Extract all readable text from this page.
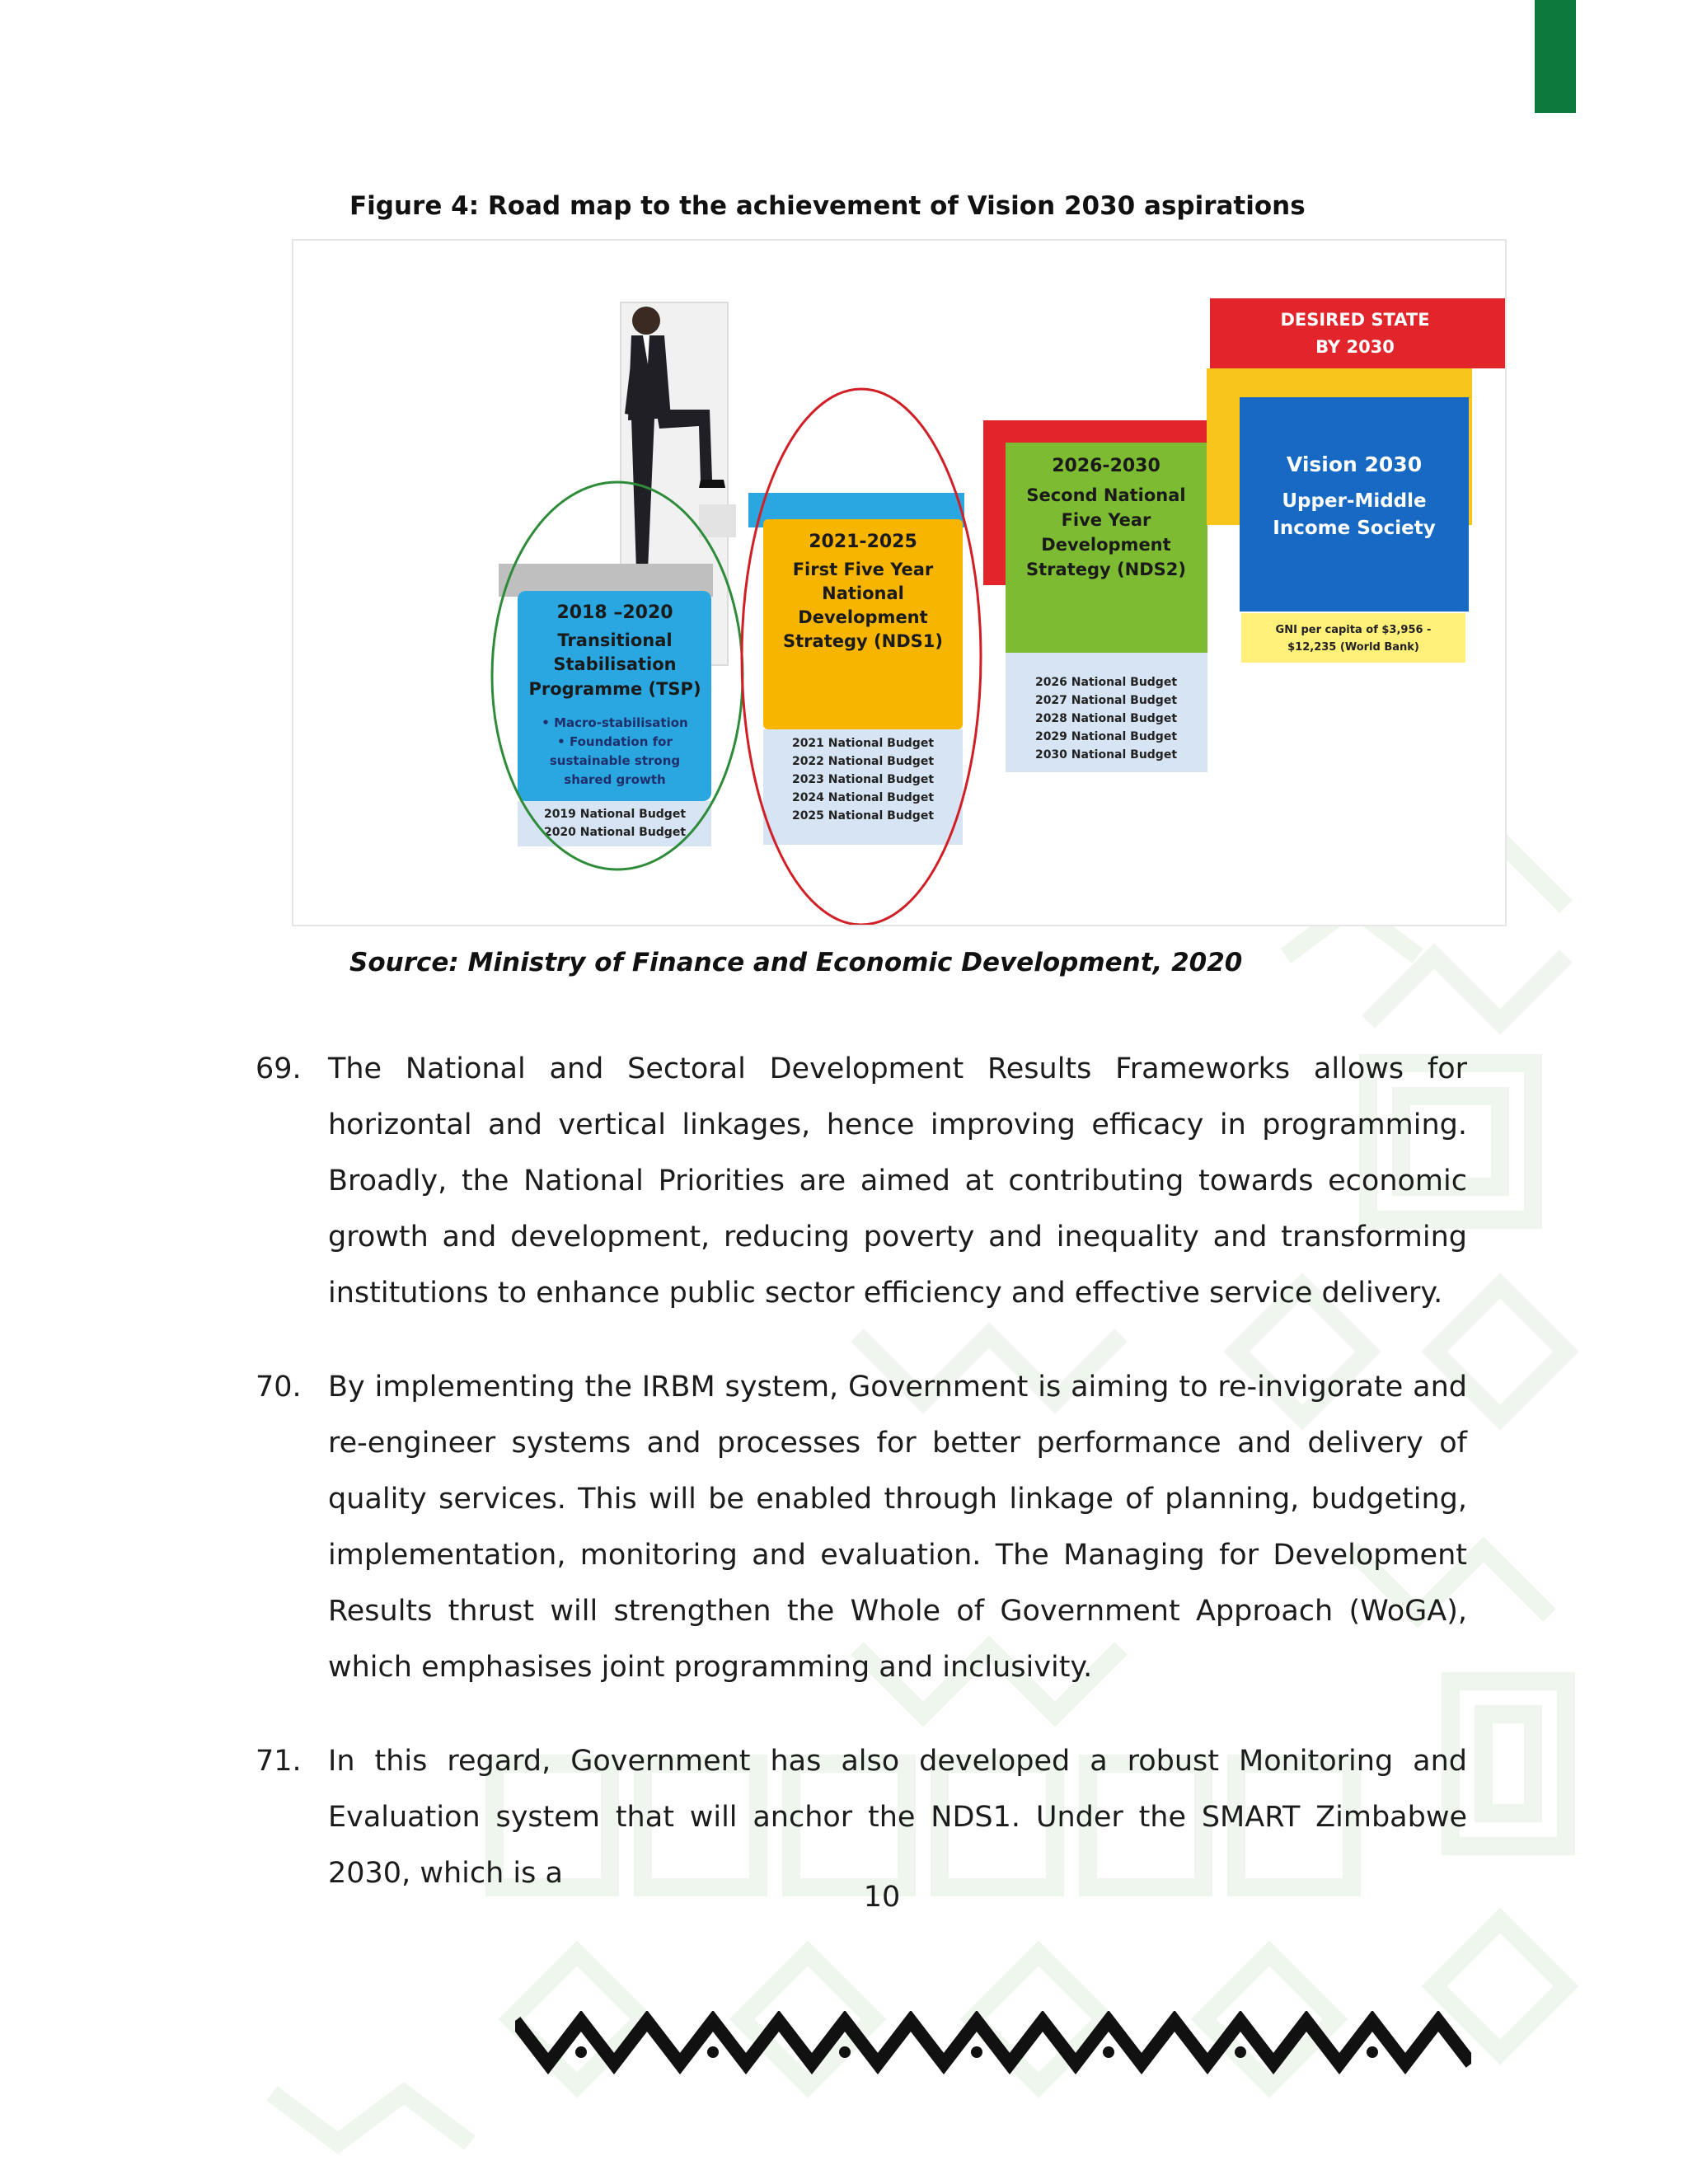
Figure 4: Road map to the achievement of Vision 2030 aspirations
2018 –2020
Transitional
Stabilisation
Programme (TSP)
• Macro-stabilisation
• Foundation for
sustainable strong
shared growth
2019 National Budget
2020 National Budget
2021-2025
First Five Year
National
Development
Strategy (NDS1)
2021 National Budget
2022 National Budget
2023 National Budget
2024 National Budget
2025 National Budget
2026-2030
Second National
Five Year
Development
Strategy (NDS2)
2026 National Budget
2027 National Budget
2028 National Budget
2029 National Budget
2030 National Budget
DESIRED STATE
BY 2030
Vision 2030
Upper-Middle
Income Society
GNI per capita of $3,956 -
$12,235 (World Bank)
Source: Ministry of Finance and Economic Development, 2020
69. The National and Sectoral Development Results Frameworks allows for horizontal and vertical linkages, hence improving efficacy in programming. Broadly, the National Priorities are aimed at contributing towards economic growth and development, reducing poverty and inequality and transforming institutions to enhance public sector efficiency and effective service delivery.
70. By implementing the IRBM system, Government is aiming to re-invigorate and re-engineer systems and processes for better performance and delivery of quality services. This will be enabled through linkage of planning, budgeting, implementation, monitoring and evaluation. The Managing for Development Results thrust will strengthen the Whole of Government Approach (WoGA), which emphasises joint programming and inclusivity.
71. In this regard, Government has also developed a robust Monitoring and Evaluation system that will anchor the NDS1. Under the SMART Zimbabwe 2030, which is a
10
